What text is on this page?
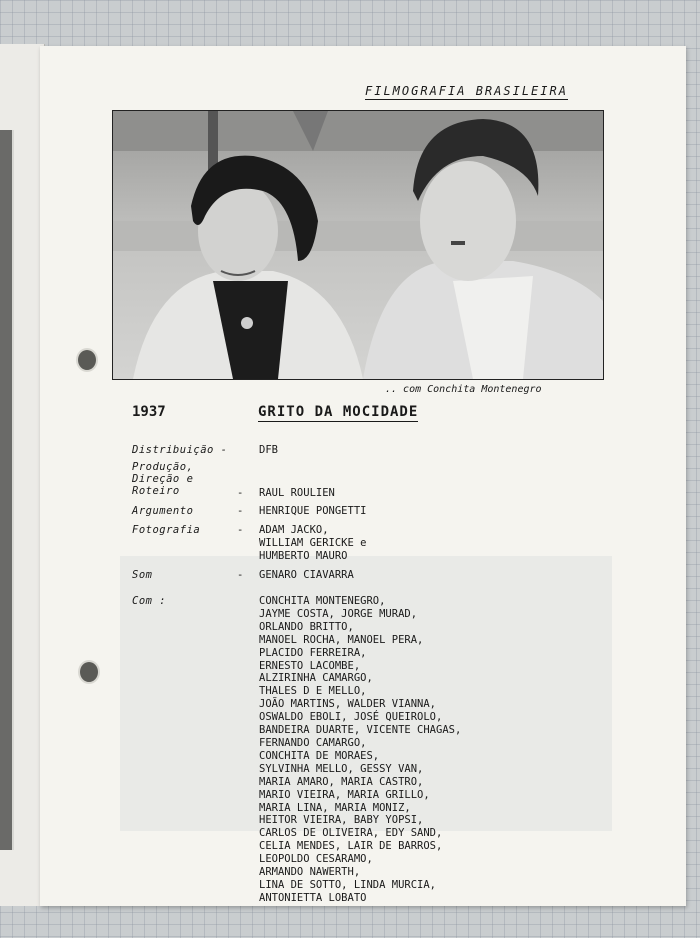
FILMOGRAFIA BRASILEIRA
.. com Conchita Montenegro
1937	GRITO DA MOCIDADE
Distribuição -	DFB
Produção,
Direção e
Roteiro	- RAUL ROULIEN
Argumento	- HENRIQUE PONGETTI
Fotografia	- ADAM JACKO,
WILLIAM GERICKE e
HUMBERTO MAURO
Som	- GENARO CIAVARRA
Com :	CONCHITA MONTENEGRO,
JAYME COSTA, JORGE MURAD,
ORLANDO BRITTO,
MANOEL ROCHA, MANOEL PERA,
PLACIDO FERREIRA,
ERNESTO LACOMBE,
ALZIRINHA CAMARGO,
THALES D E MELLO,
JOÃO MARTINS, WALDER VIANNA,
OSWALDO EBOLI, JOSÉ QUEIROLO,
BANDEIRA DUARTE, VICENTE CHAGAS,
FERNANDO CAMARGO,
CONCHITA DE MORAES,
SYLVINHA MELLO, GESSY VAN,
MARIA AMARO, MARIA CASTRO,
MARIO VIEIRA, MARIA GRILLO,
MARIA LINA, MARIA MONIZ,
HEITOR VIEIRA, BABY YOPSI,
CARLOS DE OLIVEIRA, EDY SAND,
CELIA MENDES, LAIR DE BARROS,
LEOPOLDO CESARAMO,
ARMANDO NAWERTH,
LINA DE SOTTO, LINDA MURCIA,
ANTONIETTA LOBATO
